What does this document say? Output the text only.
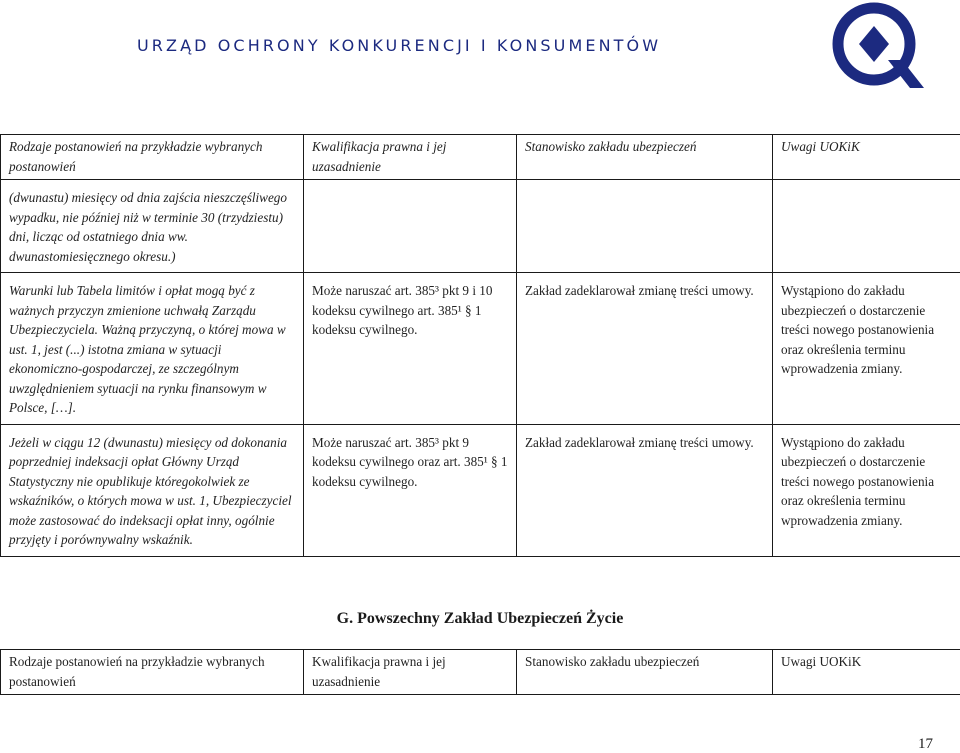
URZĄD OCHRONY KONKURENCJI I KONSUMENTÓW
Rodzaje postanowień na przykładzie wybranych postanowień	Kwalifikacja prawna i jej uzasadnienie	Stanowisko zakładu ubezpieczeń	Uwagi UOKiK
(dwunastu) miesięcy od dnia zajścia nieszczęśliwego wypadku, nie później niż w terminie 30 (trzydziestu) dni, licząc od ostatniego dnia ww. dwunastomiesięcznego okresu.)			
Warunki lub Tabela limitów i opłat mogą być z ważnych przyczyn zmienione uchwałą Zarządu Ubezpieczyciela. Ważną przyczyną, o której mowa w ust. 1, jest (...) istotna zmiana w sytuacji ekonomiczno-gospodarczej, ze szczególnym uwzględnieniem sytuacji na rynku finansowym w Polsce, […].	Może naruszać art. 385³ pkt 9 i 10 kodeksu cywilnego art. 385¹ § 1 kodeksu cywilnego.	Zakład zadeklarował zmianę treści umowy.	Wystąpiono do zakładu ubezpieczeń o dostarczenie treści nowego postanowienia oraz określenia terminu wprowadzenia zmiany.
Jeżeli w ciągu 12 (dwunastu) miesięcy od dokonania poprzedniej indeksacji opłat Główny Urząd Statystyczny nie opublikuje któregokolwiek ze wskaźników, o których mowa w ust. 1, Ubezpieczyciel może zastosować do indeksacji opłat inny, ogólnie przyjęty i porównywalny wskaźnik.	Może naruszać art. 385³ pkt 9 kodeksu cywilnego oraz art. 385¹ § 1 kodeksu cywilnego.	Zakład zadeklarował zmianę treści umowy.	Wystąpiono do zakładu ubezpieczeń o dostarczenie treści nowego postanowienia oraz określenia terminu wprowadzenia zmiany.
G. Powszechny Zakład Ubezpieczeń Życie
Rodzaje postanowień na przykładzie wybranych postanowień	Kwalifikacja prawna i jej uzasadnienie	Stanowisko zakładu ubezpieczeń	Uwagi UOKiK
17
